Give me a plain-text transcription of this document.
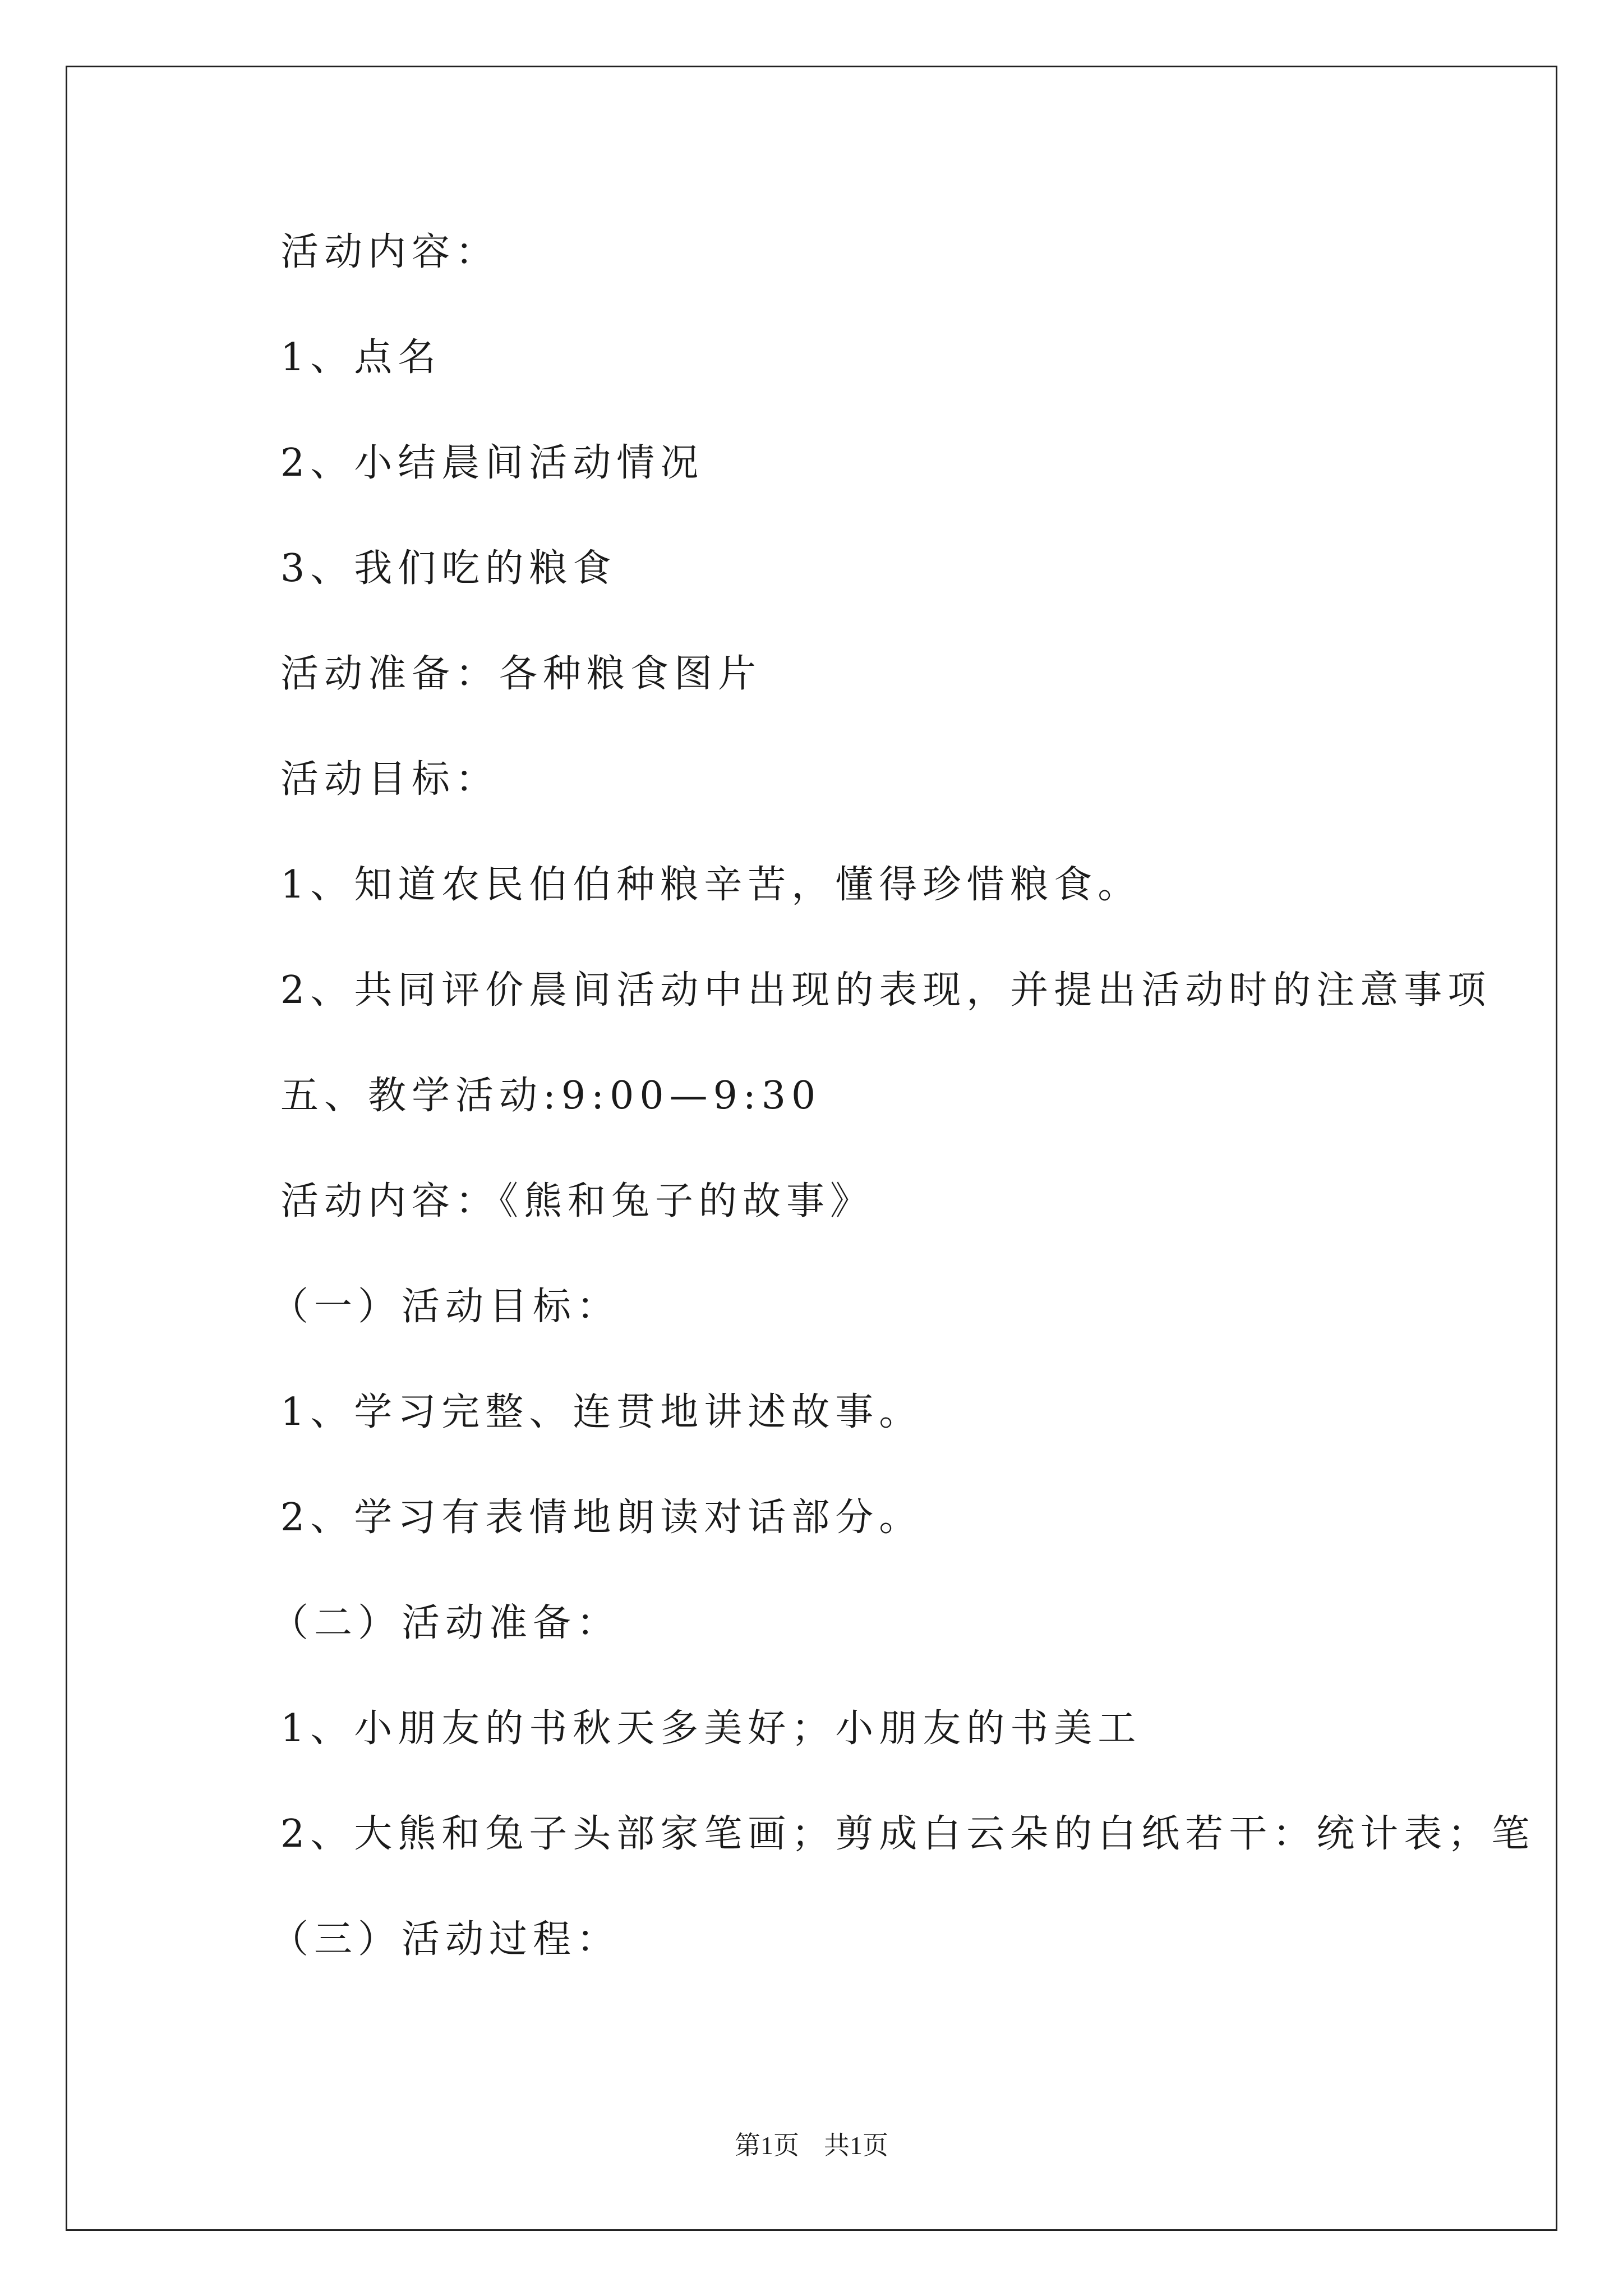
活动内容：
1、点名
2、小结晨间活动情况
3、我们吃的粮食
活动准备：各种粮食图片
活动目标：
1、知道农民伯伯种粮辛苦，懂得珍惜粮食。
2、共同评价晨间活动中出现的表现，并提出活动时的注意事项
五、教学活动:9:00—9:30
活动内容：《熊和兔子的故事》
（一）活动目标：
1、学习完整、连贯地讲述故事。
2、学习有表情地朗读对话部分。
（二）活动准备：
1、小朋友的书秋天多美好；小朋友的书美工
2、大熊和兔子头部家笔画；剪成白云朵的白纸若干：统计表；笔
（三）活动过程：
第1页 共1页
